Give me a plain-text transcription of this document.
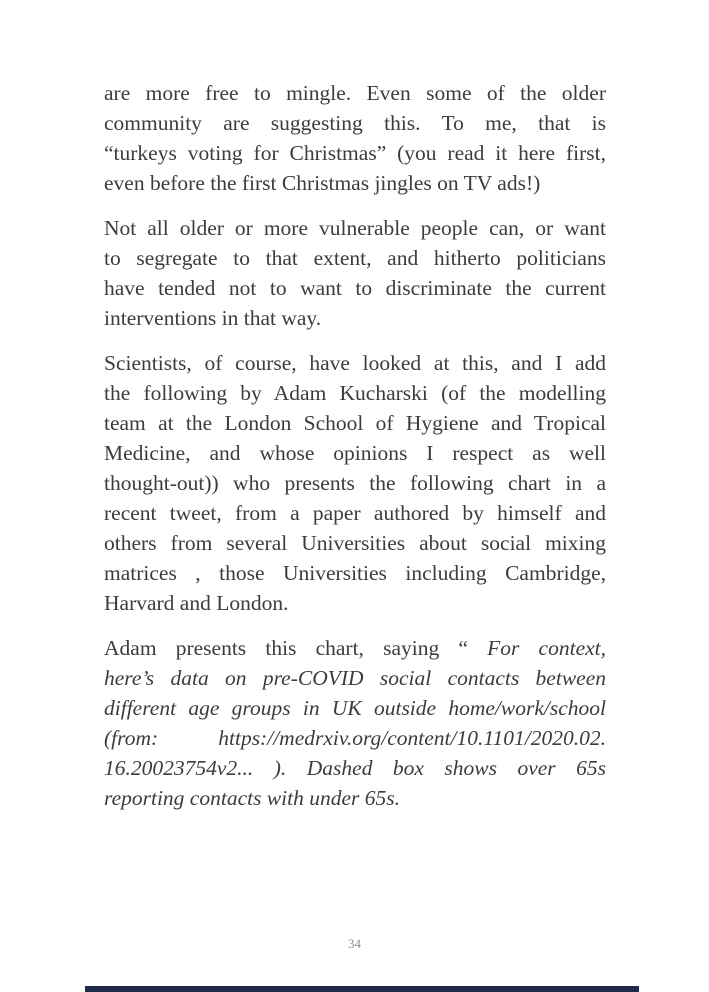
are more free to mingle. Even some of the older
community are suggesting this. To me, that is
“turkeys voting for Christmas” (you read it here first,
even before the first Christmas jingles on TV ads!)
Not all older or more vulnerable people can, or want
to segregate to that extent, and hitherto politicians
have tended not to want to discriminate the current
interventions in that way.
Scientists, of course, have looked at this, and I add
the following by Adam Kucharski (of the modelling
team at the London School of Hygiene and Tropical
Medicine, and whose opinions I respect as well
thought-out)) who presents the following chart in a
recent tweet, from a paper authored by himself and
others from several Universities about social mixing
matrices , those Universities including Cambridge,
Harvard and London.
Adam presents this chart, saying “ For context,
here’s data on pre-COVID social contacts between
different age groups in UK outside home/work/school
(from: https://medrxiv.org/content/10.1101/2020.02.
16.20023754v2... ). Dashed box shows over 65s
reporting contacts with under 65s.
34
